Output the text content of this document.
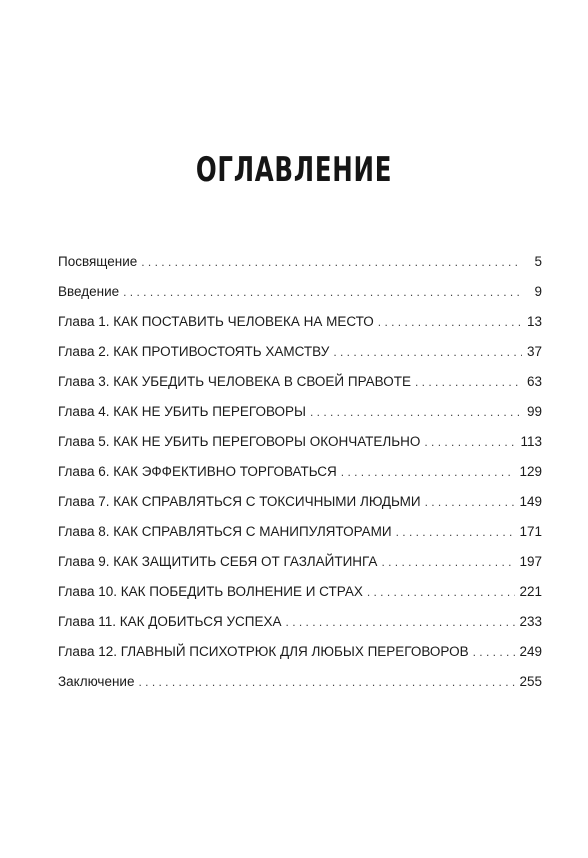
ОГЛАВЛЕНИЕ
Посвящение . . .	5
Введение . . .	9
Глава 1. КАК ПОСТАВИТЬ ЧЕЛОВЕКА НА МЕСТО . . .	13
Глава 2. КАК ПРОТИВОСТОЯТЬ ХАМСТВУ . . .	37
Глава 3. КАК УБЕДИТЬ ЧЕЛОВЕКА В СВОЕЙ ПРАВОТЕ . . .	63
Глава 4. КАК НЕ УБИТЬ ПЕРЕГОВОРЫ . . .	99
Глава 5. КАК НЕ УБИТЬ ПЕРЕГОВОРЫ ОКОНЧАТЕЛЬНО . . .	113
Глава 6. КАК ЭФФЕКТИВНО ТОРГОВАТЬСЯ . . .	129
Глава 7. КАК СПРАВЛЯТЬСЯ С ТОКСИЧНЫМИ ЛЮДЬМИ . . .	149
Глава 8. КАК СПРАВЛЯТЬСЯ С МАНИПУЛЯТОРАМИ . . .	171
Глава 9. КАК ЗАЩИТИТЬ СЕБЯ ОТ ГАЗЛАЙТИНГА . . .	197
Глава 10. КАК ПОБЕДИТЬ ВОЛНЕНИЕ И СТРАХ . . .	221
Глава 11. КАК ДОБИТЬСЯ УСПЕХА . . .	233
Глава 12. ГЛАВНЫЙ ПСИХОТРЮК ДЛЯ ЛЮБЫХ ПЕРЕГОВОРОВ . . .	249
Заключение . . .	255
